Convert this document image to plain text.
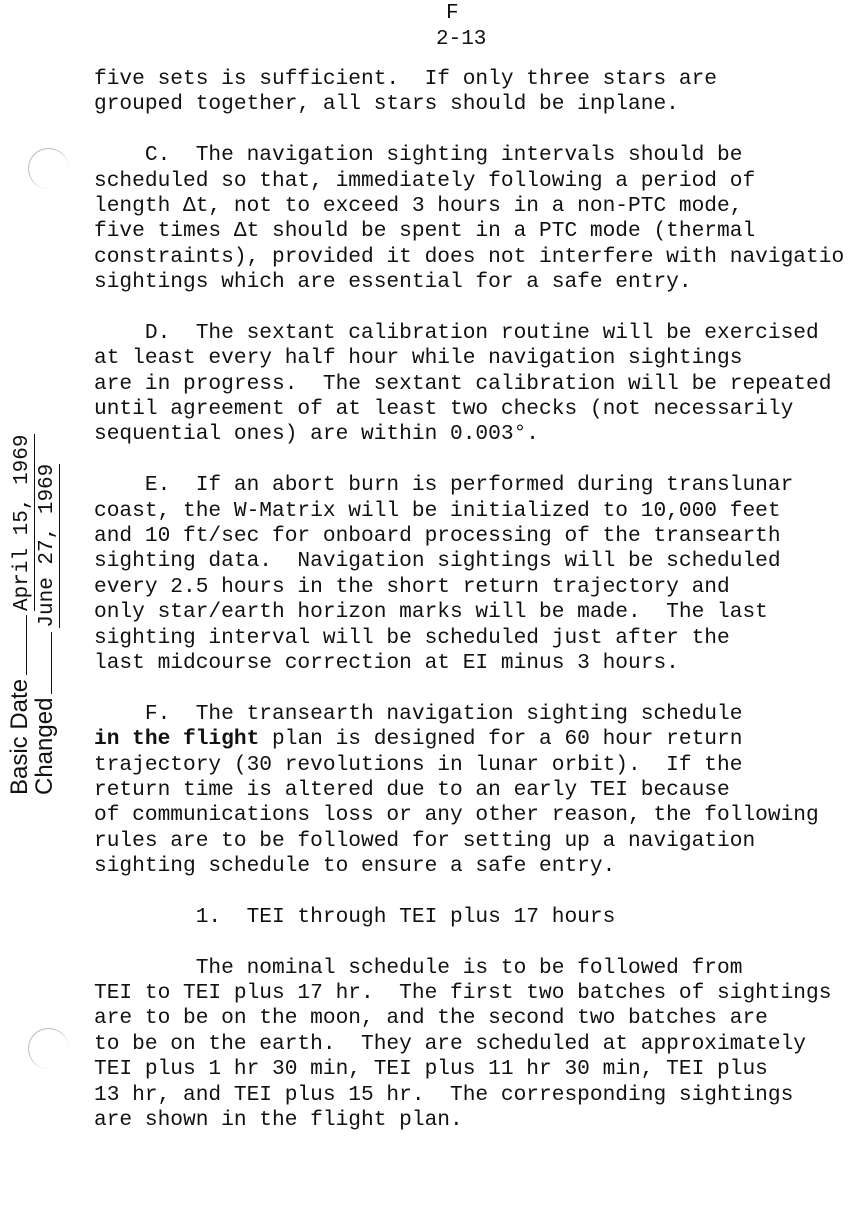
F
2-13
five sets is sufficient.  If only three stars are
grouped together, all stars should be inplane.
C.  The navigation sighting intervals should be
scheduled so that, immediately following a period of
length Δt, not to exceed 3 hours in a non-PTC mode,
five times Δt should be spent in a PTC mode (thermal
constraints), provided it does not interfere with navigatio
sightings which are essential for a safe entry.
D.  The sextant calibration routine will be exercised
at least every half hour while navigation sightings
are in progress.  The sextant calibration will be repeated
until agreement of at least two checks (not necessarily
sequential ones) are within 0.003°.
E.  If an abort burn is performed during translunar
coast, the W-Matrix will be initialized to 10,000 feet
and 10 ft/sec for onboard processing of the transearth
sighting data.  Navigation sightings will be scheduled
every 2.5 hours in the short return trajectory and
only star/earth horizon marks will be made.  The last
sighting interval will be scheduled just after the
last midcourse correction at EI minus 3 hours.
F.  The transearth navigation sighting schedule
in the flight plan is designed for a 60 hour return
trajectory (30 revolutions in lunar orbit).  If the
return time is altered due to an early TEI because
of communications loss or any other reason, the following
rules are to be followed for setting up a navigation
sighting schedule to ensure a safe entry.
1.  TEI through TEI plus 17 hours
The nominal schedule is to be followed from
TEI to TEI plus 17 hr.  The first two batches of sightings
are to be on the moon, and the second two batches are
to be on the earth.  They are scheduled at approximately
TEI plus 1 hr 30 min, TEI plus 11 hr 30 min, TEI plus
13 hr, and TEI plus 15 hr.  The corresponding sightings
are shown in the flight plan.
Basic DateApril 15, 1969
ChangedJune 27, 1969
